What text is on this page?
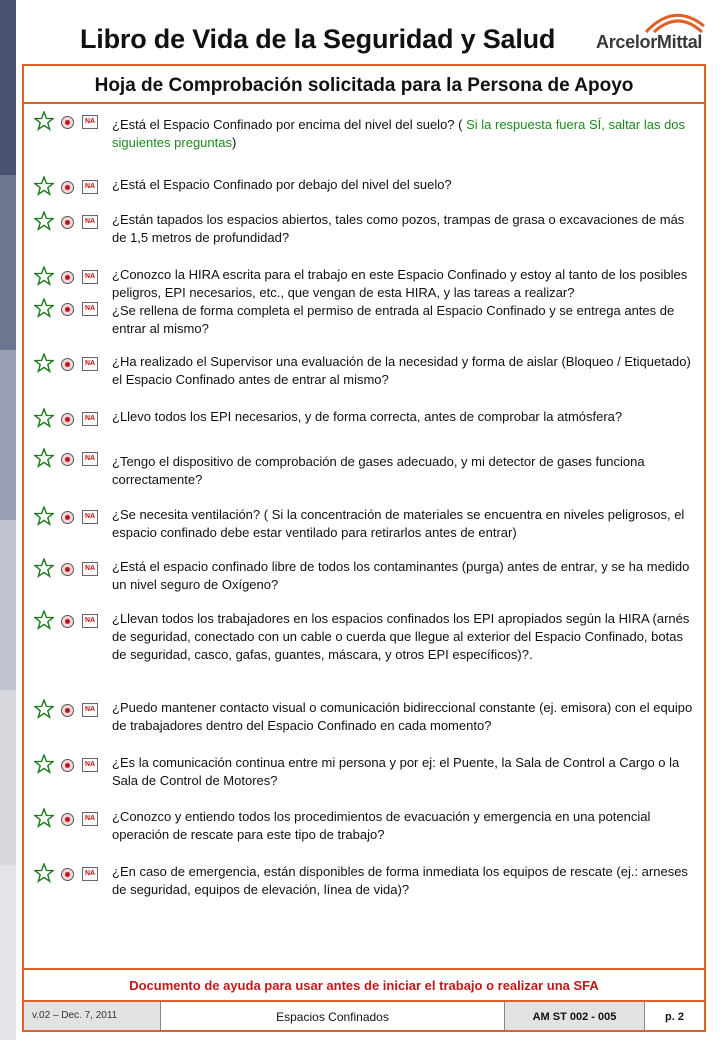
Libro de Vida de la Seguridad y Salud ArcelorMittal
Hoja de Comprobación solicitada para la Persona de Apoyo
NA ¿Está el Espacio Confinado por encima del nivel del suelo? ( Si la respuesta fuera SÍ, saltar las dos siguientes preguntas)
NA ¿Está el Espacio Confinado por debajo del nivel del suelo?
NA ¿Están tapados los espacios abiertos, tales como pozos, trampas de grasa o excavaciones de más de 1,5 metros de profundidad?
NA ¿Conozco la HIRA escrita para el trabajo en este Espacio Confinado y estoy al tanto de los posibles peligros, EPI necesarios, etc., que vengan de esta HIRA, y las tareas a realizar?
NA ¿Se rellena de forma completa el permiso de entrada al Espacio Confinado y se entrega antes de entrar al mismo?
NA ¿Ha realizado el Supervisor una evaluación de la necesidad y forma de aislar (Bloqueo / Etiquetado) el Espacio Confinado antes de entrar al mismo?
NA ¿Llevo todos los EPI necesarios, y de forma correcta, antes de comprobar la atmósfera?
NA ¿Tengo el dispositivo de comprobación de gases adecuado, y mi detector de gases funciona correctamente?
NA ¿Se necesita ventilación? ( Si la concentración de materiales se encuentra en niveles peligrosos, el espacio confinado debe estar ventilado para retirarlos antes de entrar)
NA ¿Está el espacio confinado libre de todos los contaminantes (purga) antes de entrar, y se ha medido un nivel seguro de Oxígeno?
NA ¿Llevan todos los trabajadores en los espacios confinados los EPI apropiados según la HIRA (arnés de seguridad, conectado con un cable o cuerda que llegue al exterior del Espacio Confinado, botas de seguridad, casco, gafas, guantes, máscara, y otros EPI específicos)?.
NA ¿Puedo mantener contacto visual o comunicación bidireccional constante (ej. emisora) con el equipo de trabajadores dentro del Espacio Confinado en cada momento?
NA ¿Es la comunicación continua entre mi persona y por ej: el Puente, la Sala de Control a Cargo o la Sala de Control de Motores?
NA ¿Conozco y entiendo todos los procedimientos de evacuación y emergencia en una potencial operación de rescate para este tipo de trabajo?
NA ¿En caso de emergencia, están disponibles de forma inmediata los equipos de rescate (ej.: arneses de seguridad, equipos de elevación, línea de vida)?
Documento de ayuda para usar antes de iniciar el trabajo o realizar una SFA
v.02 – Dec. 7, 2011	Espacios Confinados	AM ST 002 - 005	p. 2
